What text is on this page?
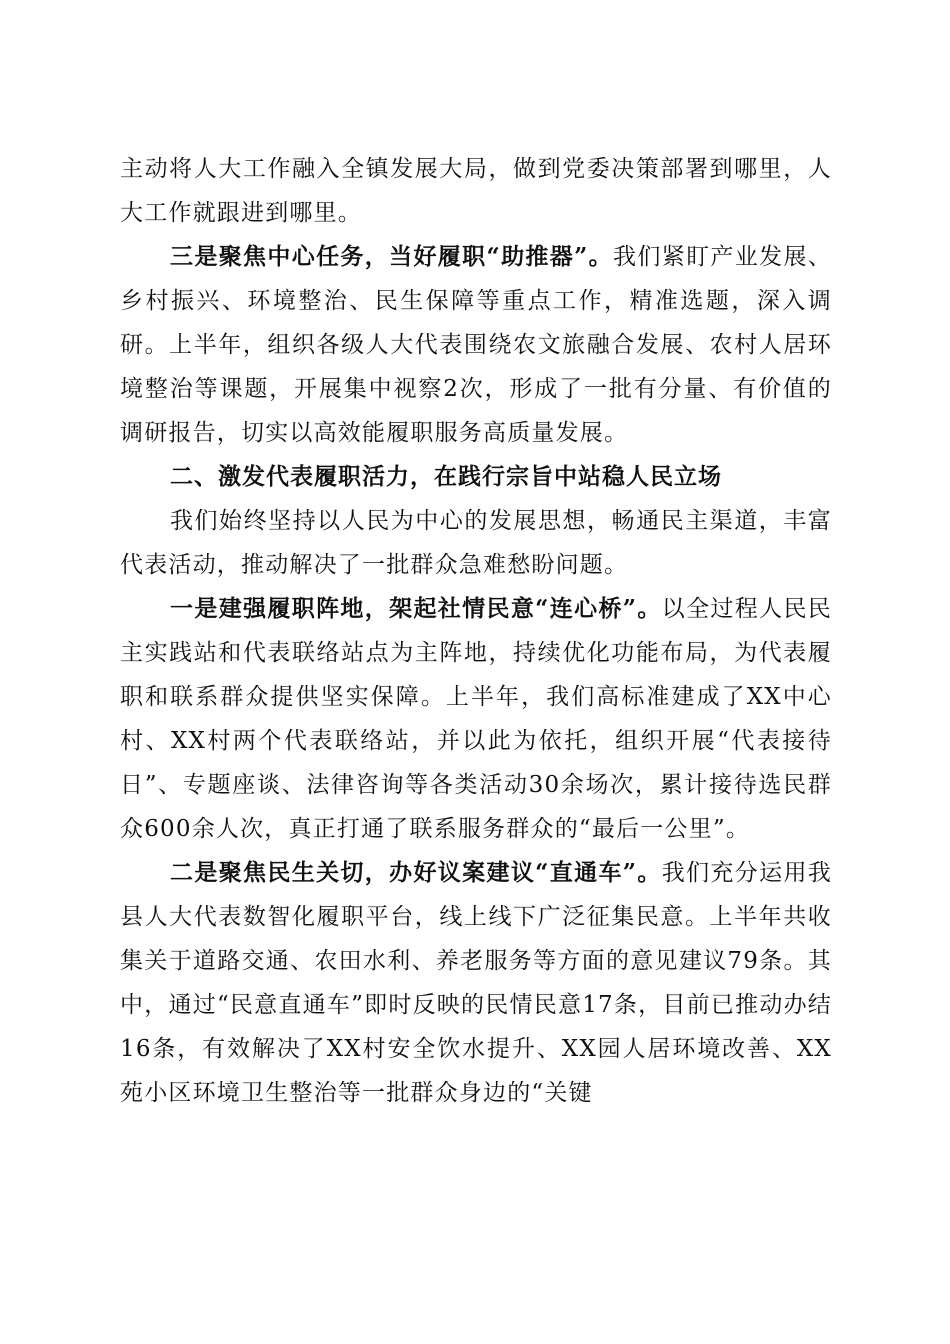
主动将人大工作融入全镇发展大局，做到党委决策部署到哪里，人大工作就跟进到哪里。

三是聚焦中心任务，当好履职“助推器”。我们紧盯产业发展、乡村振兴、环境整治、民生保障等重点工作，精准选题，深入调研。上半年，组织各级人大代表围绕农文旅融合发展、农村人居环境整治等课题，开展集中视察2次，形成了一批有分量、有价值的调研报告，切实以高效能履职服务高质量发展。

二、激发代表履职活力，在践行宗旨中站稳人民立场

我们始终坚持以人民为中心的发展思想，畅通民主渠道，丰富代表活动，推动解决了一批群众急难愁盼问题。

一是建强履职阵地，架起社情民意“连心桥”。以全过程人民民主实践站和代表联络站点为主阵地，持续优化功能布局，为代表履职和联系群众提供坚实保障。上半年，我们高标准建成了XX中心村、XX村两个代表联络站，并以此为依托，组织开展“代表接待日”、专题座谈、法律咨询等各类活动30余场次，累计接待选民群众600余人次，真正打通了联系服务群众的“最后一公里”。

二是聚焦民生关切，办好议案建议“直通车”。我们充分运用我县人大代表数智化履职平台，线上线下广泛征集民意。上半年共收集关于道路交通、农田水利、养老服务等方面的意见建议79条。其中，通过“民意直通车”即时反映的民情民意17条，目前已推动办结16条，有效解决了XX村安全饮水提升、XX园人居环境改善、XX苑小区环境卫生整治等一批群众身边的“关键
